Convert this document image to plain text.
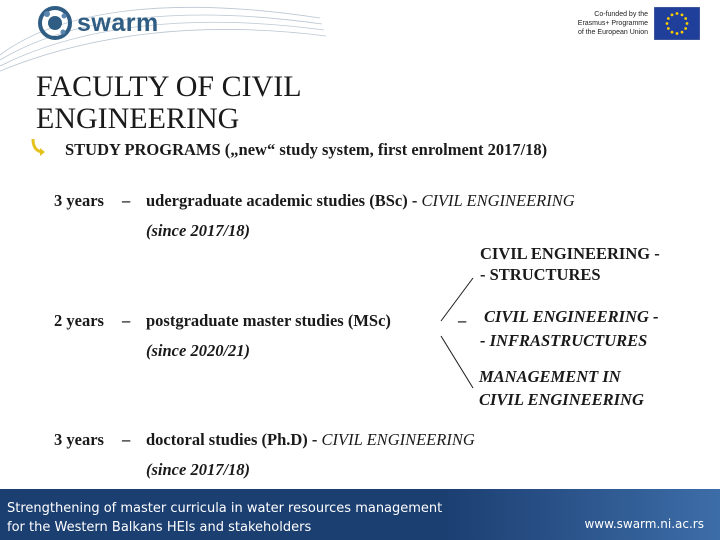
swarm	Co-funded by the
Erasmus+ Programme
of the European Union
FACULTY OF CIVIL ENGINEERING
STUDY PROGRAMS („new“ study system, first enrolment 2017/18)
3 years – udergraduate academic studies (BSc) - CIVIL ENGINEERING
(since 2017/18)
CIVIL ENGINEERING -
- STRUCTURES
2 years – postgraduate master studies (MSc)	– CIVIL ENGINEERING -
- INFRASTRUCTURES
(since 2020/21)
MANAGEMENT IN
CIVIL ENGINEERING
3 years – doctoral studies (Ph.D) - CIVIL ENGINEERING
(since 2017/18)
Strengthening of master curricula in water resources management
for the Western Balkans HEIs and stakeholders	www.swarm.ni.ac.rs
